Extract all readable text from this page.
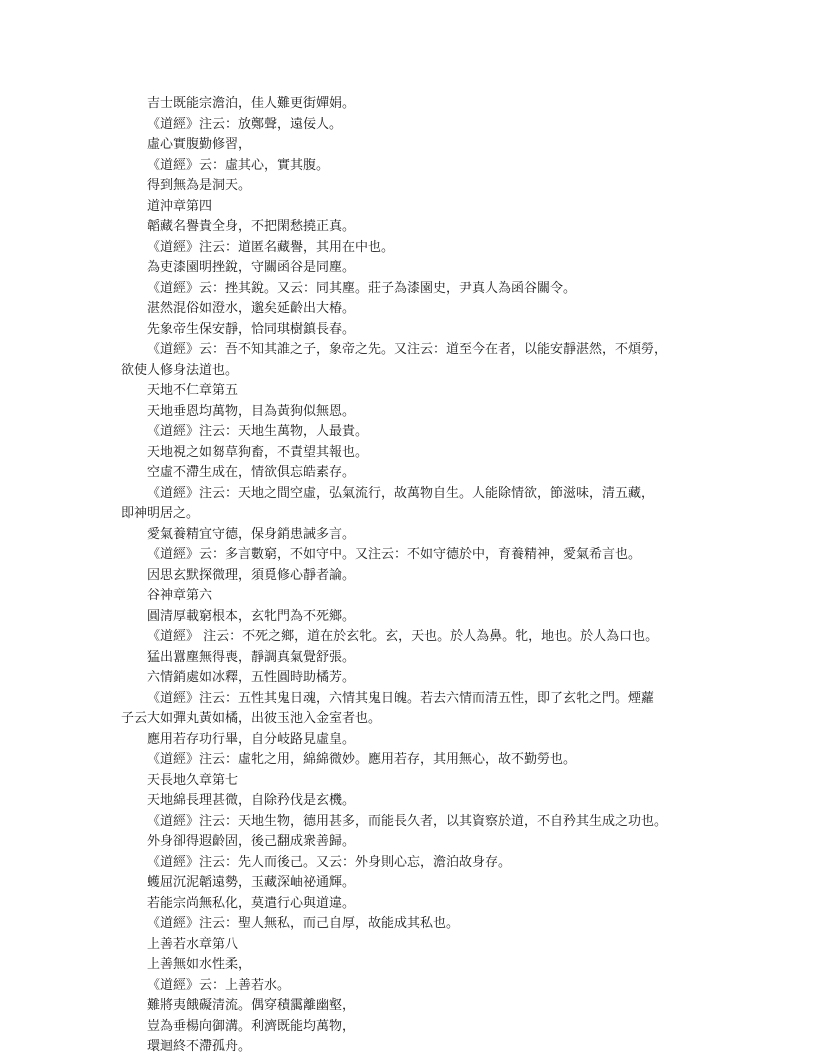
吉士既能宗澹泊，佳人難更街嬋娟。
《道經》注云：放鄭聲，遠佞人。
虛心實腹勤修習，
《道經》云：虛其心，實其腹。
得到無為是洞天。
道沖章第四
韜藏名譽貴全身，不把閑愁撓正真。
《道經》注云：道匿名藏譽，其用在中也。
為吏漆園明挫銳，守關函谷是同塵。
《道經》云：挫其銳。又云：同其塵。莊子為漆園史，尹真人為函谷關令。
湛然混俗如澄水，邈矣延齡出大椿。
先象帝生保安靜，恰同琪樹鎮長春。
《道經》云：吾不知其誰之子，象帝之先。又注云：道至今在者，以能安靜湛然，不煩勞，
欲使人修身法道也。
天地不仁章第五
天地垂恩均萬物，目為黃狗似無恩。
《道經》注云：天地生萬物，人最貴。
天地視之如芻草狗畜，不責望其報也。
空虛不滯生成在，情欲俱忘皓素存。
《道經》注云：天地之間空虛，弘氣流行，故萬物自生。人能除情欲，節滋味，清五藏，
即神明居之。
愛氣養精宜守德，保身銷患誡多言。
《道經》云：多言數窮，不如守中。又注云：不如守德於中，育養精神，愛氣希言也。
因思玄默探微理，須覓修心靜者論。
谷神章第六
圓清厚載窮根本，玄牝門為不死鄉。
《道經》 注云：不死之鄉，道在於玄牝。玄，天也。於人為鼻。牝，地也。於人為口也。
猛出囂塵無得喪，靜調真氣覺舒張。
六情銷處如冰釋，五性圓時助橘芳。
《道經》注云：五性其鬼日魂，六情其鬼日魄。若去六情而清五性，即了玄牝之門。煙蘿
子云大如彈丸黃如橘，出彼玉池入金室者也。
應用若存功行畢，自分岐路見虛皇。
《道經》注云：虛牝之用，綿綿微妙。應用若存，其用無心，故不勤勞也。
天長地久章第七
天地綿長理甚微，自除矜伐是玄機。
《道經》注云：天地生物，德用甚多，而能長久者，以其資察於道，不自矜其生成之功也。
外身卻得遐齡固，後己翻成衆善歸。
《道經》注云：先人而後己。又云：外身則心忘，澹泊故身存。
蠖屈沉泥韜遠勢，玉藏深岫祕通輝。
若能宗尚無私化，莫遣行心與道違。
《道經》注云：聖人無私，而己自厚，故能成其私也。
上善若水章第八
上善無如水性柔，
《道經》云：上善若水。
難將夷餓礙清流。偶穿積靄離幽壑，
豈為垂楊向御溝。利濟既能均萬物，
環迴終不滯孤舟。
